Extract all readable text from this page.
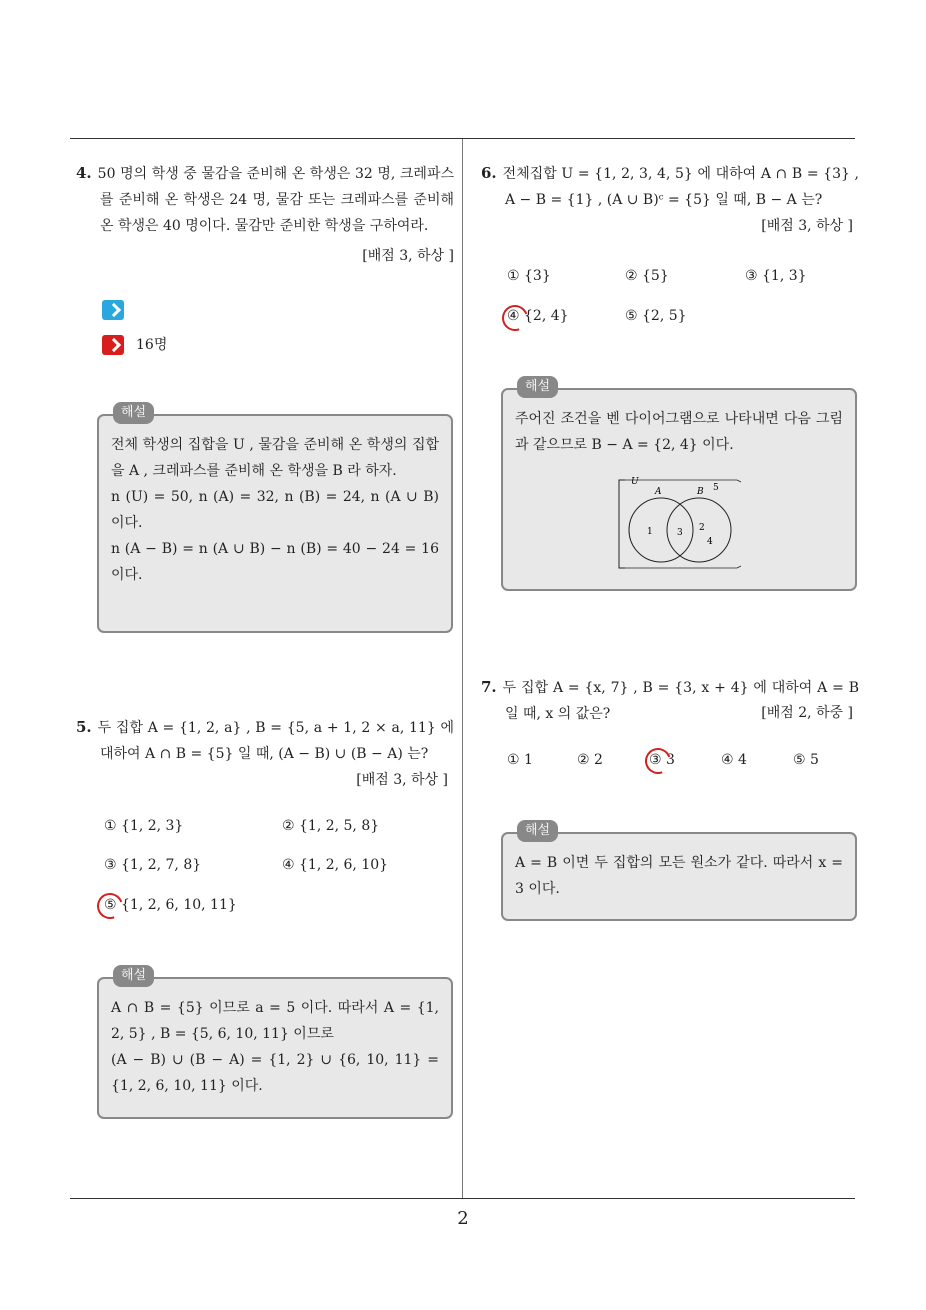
4. 50 명의 학생 중 물감을 준비해 온 학생은 32 명, 크레파스를 준비해 온 학생은 24 명, 물감 또는 크레파스를 준비해 온 학생은 40 명이다. 물감만 준비한 학생을 구하여라.
[배점 3, 하상 ]
16명
해설
전체 학생의 집합을 U , 물감을 준비해 온 학생의 집합을 A , 크레파스를 준비해 온 학생을 B 라 하자.
n (U) = 50, n (A) = 32, n (B) = 24, n (A ∪ B) 이다.
n (A − B) = n (A ∪ B) − n (B) = 40 − 24 = 16 이다.
5. 두 집합 A = {1, 2, a} , B = {5, a + 1, 2 × a, 11} 에 대하여 A ∩ B = {5} 일 때, (A − B) ∪ (B − A) 는?
[배점 3, 하상 ]
① {1, 2, 3}	② {1, 2, 5, 8}
③ {1, 2, 7, 8}	④ {1, 2, 6, 10}
⑤ {1, 2, 6, 10, 11}
해설
A ∩ B = {5} 이므로 a = 5 이다. 따라서 A = {1, 2, 5} , B = {5, 6, 10, 11} 이므로
(A − B) ∪ (B − A) = {1, 2} ∪ {6, 10, 11} = {1, 2, 6, 10, 11} 이다.
6. 전체집합 U = {1, 2, 3, 4, 5} 에 대하여 A ∩ B = {3} , A − B = {1} , (A ∪ B)ᶜ = {5} 일 때, B − A 는?
[배점 3, 하상 ]
① {3}	② {5}	③ {1, 3}
④ {2, 4}	⑤ {2, 5}
해설
주어진 조건을 벤 다이어그램으로 나타내면 다음 그림과 같으므로 B − A = {2, 4} 이다.
U
A	B 5
1	3 2
4
7. 두 집합 A = {x, 7} , B = {3, x + 4} 에 대하여 A = B 일 때, x 의 값은?	[배점 2, 하중 ]
① 1	② 2	③ 3	④ 4	⑤ 5
해설
A = B 이면 두 집합의 모든 원소가 같다. 따라서 x = 3 이다.
2
